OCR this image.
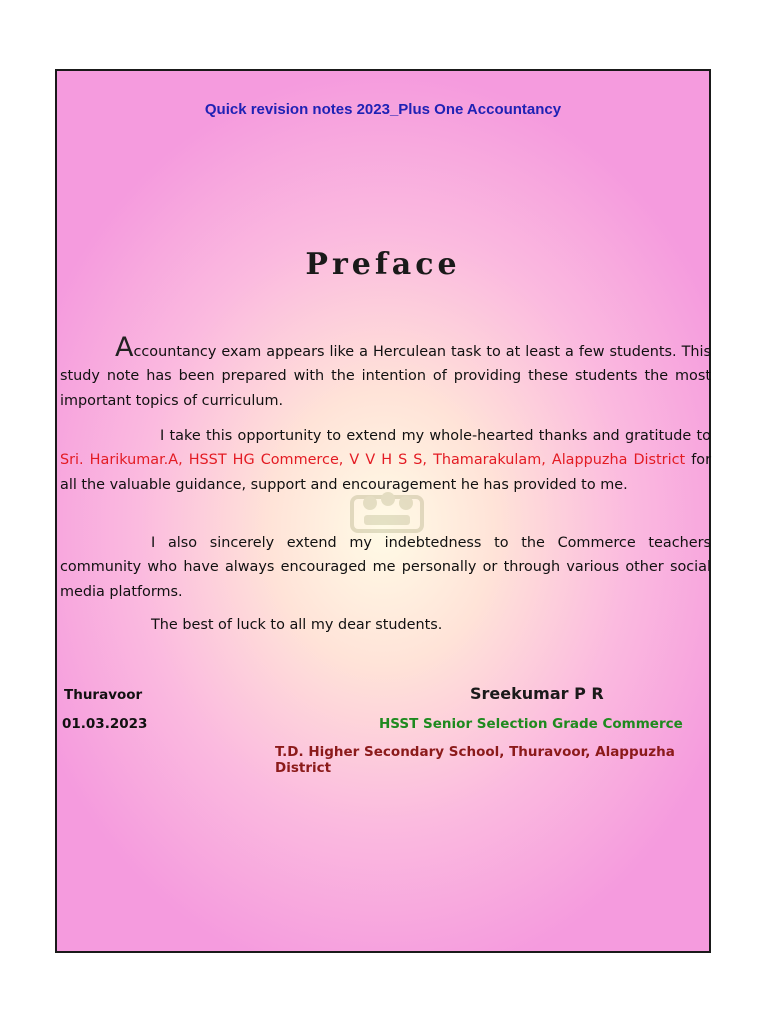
Quick revision notes 2023_Plus One Accountancy
Preface
Accountancy exam appears like a Herculean task to at least a few students. This study note has been prepared with the intention of providing these students the most important topics of curriculum.
I take this opportunity to extend my whole-hearted thanks and gratitude to Sri. Harikumar.A, HSST HG Commerce, V V H S S, Thamarakulam, Alappuzha District for all the valuable guidance, support and encouragement he has provided to me.
I also sincerely extend my indebtedness to the Commerce teachers community who have always encouraged me personally or through various other social media platforms.
The best of luck to all my dear students.
Thuravoor
01.03.2023
Sreekumar P R
HSST Senior Selection Grade Commerce
T.D. Higher Secondary School, Thuravoor, Alappuzha District
